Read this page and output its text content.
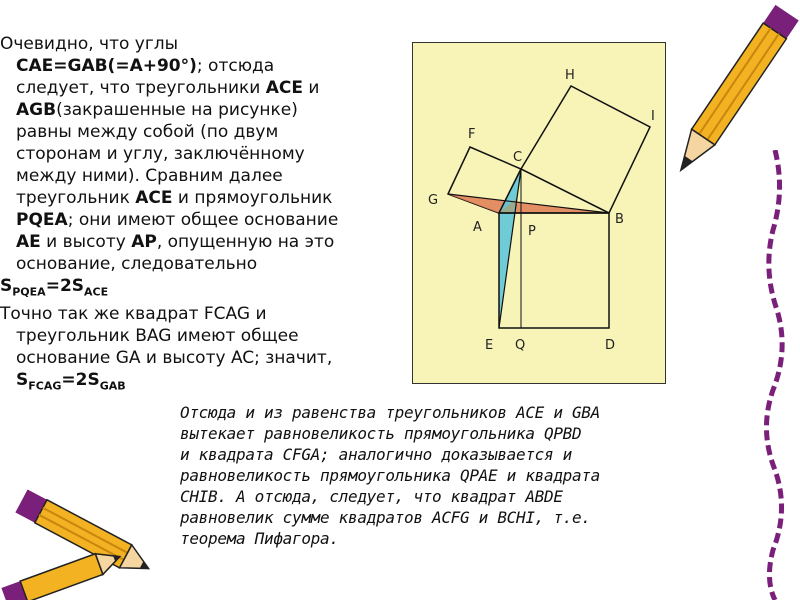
Очевидно, что углы

CAE=GAB(=A+90°); отсюда

следует, что треугольники ACE и

AGB(закрашенные на рисунке)

равны между собой (по двум

сторонам и углу, заключённому

между ними). Сравним далее

треугольник ACE и прямоугольник

PQEA; они имеют общее основание

AE и высоту AP, опущенную на это

основание, следовательно

$S_{PQEA}=2S_{ACE}$

Точно так же квадрат FCAG и

треугольник BAG имеют общее

основание GA и высоту AC; значит,

$S_{FCAG}=2S_{GAB}$

H
I
F
C
G
A	P
B
E Q	D
Отсюда и из равенства треугольников ACE и GBA
вытекает равновеликость прямоугольника QPBD
и квадрата CFGA; аналогично доказывается и
равновеликость прямоугольника QPAE и квадрата
CHIB. А отсюда, следует, что квадрат ABDE
равновелик сумме квадратов ACFG и BCHI, т.е.
теорема Пифагора.
